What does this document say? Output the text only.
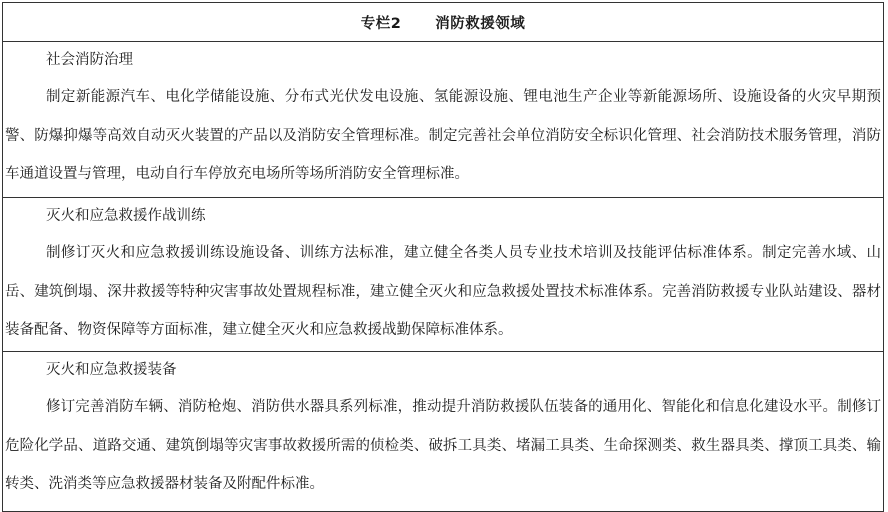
专栏2 消防救援领域
社会消防治理

制定新能源汽车、电化学储能设施、分布式光伏发电设施、氢能源设施、锂电池生产企业等新能源场所、设施设备的火灾早期预警、防爆抑爆等高效自动灭火装置的产品以及消防安全管理标准。制定完善社会单位消防安全标识化管理、社会消防技术服务管理，消防车通道设置与管理，电动自行车停放充电场所等场所消防安全管理标准。

灭火和应急救援作战训练

制修订灭火和应急救援训练设施设备、训练方法标准，建立健全各类人员专业技术培训及技能评估标准体系。制定完善水域、山岳、建筑倒塌、深井救援等特种灾害事故处置规程标准，建立健全灭火和应急救援处置技术标准体系。完善消防救援专业队站建设、器材装备配备、物资保障等方面标准，建立健全灭火和应急救援战勤保障标准体系。

灭火和应急救援装备

修订完善消防车辆、消防枪炮、消防供水器具系列标准，推动提升消防救援队伍装备的通用化、智能化和信息化建设水平。制修订危险化学品、道路交通、建筑倒塌等灾害事故救援所需的侦检类、破拆工具类、堵漏工具类、生命探测类、救生器具类、撑顶工具类、输转类、洗消类等应急救援器材装备及附配件标准。
